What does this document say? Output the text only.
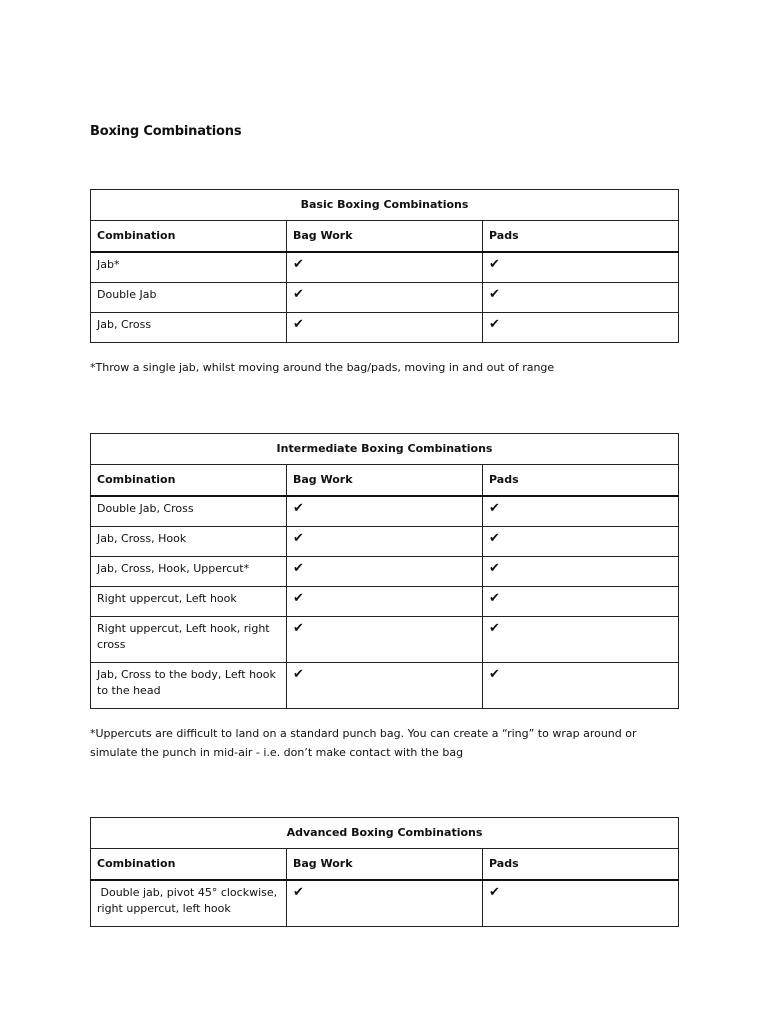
Boxing Combinations
Basic Boxing Combinations		
Combination	Bag Work	Pads
Jab*	✔	✔
Double Jab	✔	✔
Jab, Cross	✔	✔
*Throw a single jab, whilst moving around the bag/pads, moving in and out of range
Intermediate Boxing Combinations		
Combination	Bag Work	Pads
Double Jab, Cross	✔	✔
Jab, Cross, Hook	✔	✔
Jab, Cross, Hook, Uppercut*	✔	✔
Right uppercut, Left hook	✔	✔
Right uppercut, Left hook, right cross	✔	✔
Jab, Cross to the body, Left hook to the head	✔	✔
*Uppercuts are difficult to land on a standard punch bag. You can create a “ring” to wrap around or simulate the punch in mid-air - i.e. don’t make contact with the bag
Advanced Boxing Combinations		
Combination	Bag Work	Pads
Double jab, pivot 45° clockwise, right uppercut, left hook	✔	✔
